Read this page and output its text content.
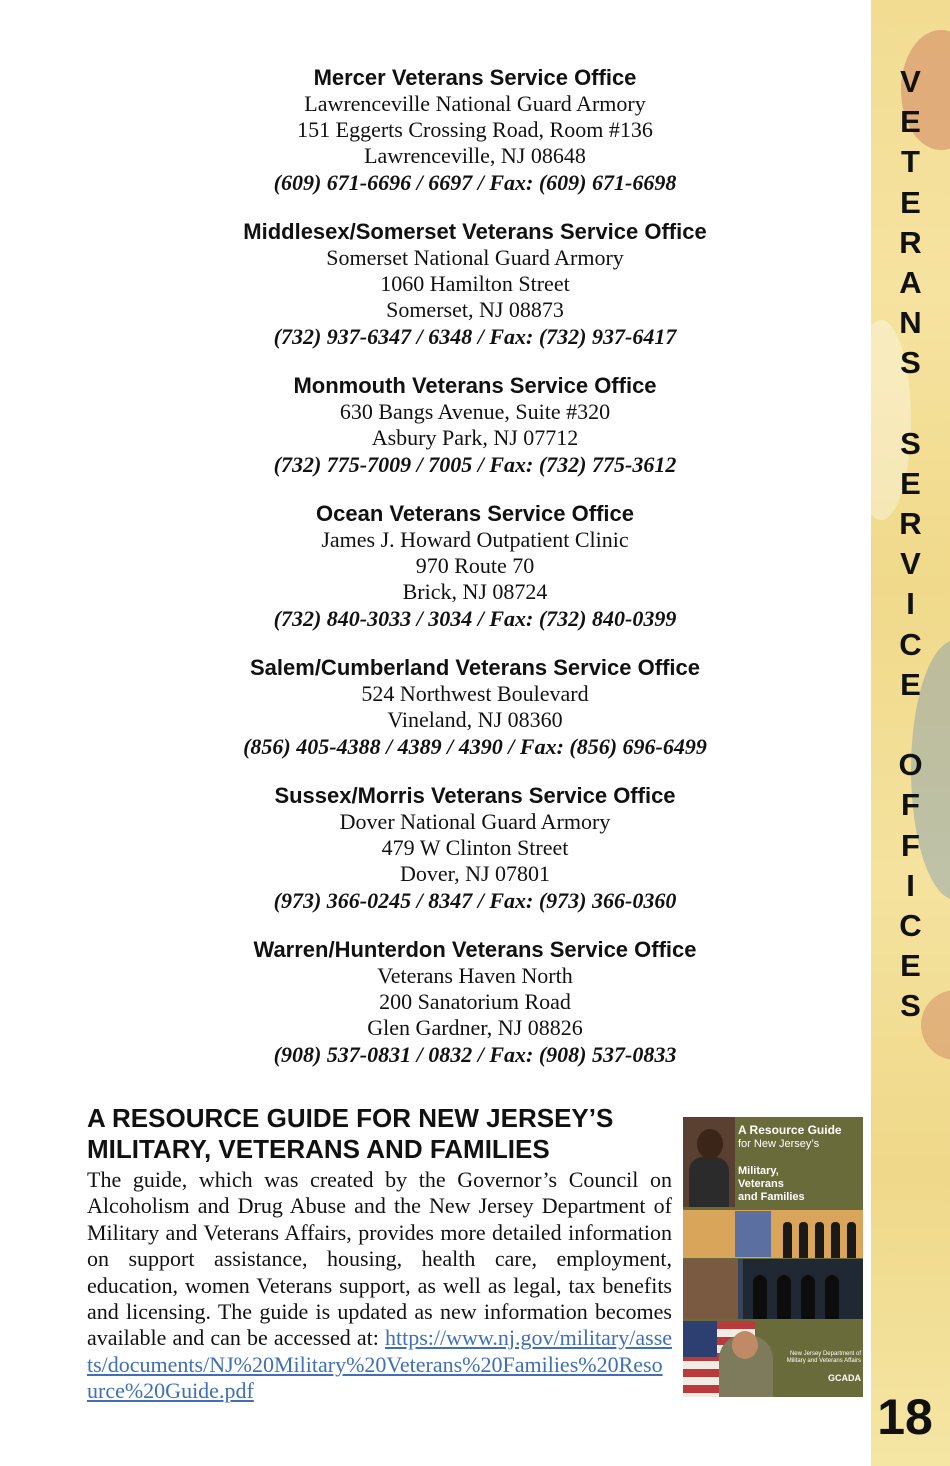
Mercer Veterans Service Office
Lawrenceville National Guard Armory
151 Eggerts Crossing Road, Room #136
Lawrenceville, NJ 08648
(609) 671-6696 / 6697 / Fax: (609) 671-6698
Middlesex/Somerset Veterans Service Office
Somerset National Guard Armory
1060 Hamilton Street
Somerset, NJ 08873
(732) 937-6347 / 6348 / Fax: (732) 937-6417
Monmouth Veterans Service Office
630 Bangs Avenue, Suite #320
Asbury Park, NJ 07712
(732) 775-7009 / 7005 / Fax: (732) 775-3612
Ocean Veterans Service Office
James J. Howard Outpatient Clinic
970 Route 70
Brick, NJ 08724
(732) 840-3033 / 3034 / Fax: (732) 840-0399
Salem/Cumberland Veterans Service Office
524 Northwest Boulevard
Vineland, NJ 08360
(856) 405-4388 / 4389 / 4390 / Fax: (856) 696-6499
Sussex/Morris Veterans Service Office
Dover National Guard Armory
479 W Clinton Street
Dover, NJ 07801
(973) 366-0245 / 8347 / Fax: (973) 366-0360
Warren/Hunterdon Veterans Service Office
Veterans Haven North
200 Sanatorium Road
Glen Gardner, NJ 08826
(908) 537-0831 / 0832 / Fax: (908) 537-0833
A RESOURCE GUIDE FOR NEW JERSEY’S
MILITARY, VETERANS AND FAMILIES

The guide, which was created by the Governor’s Council on Alcoholism and Drug Abuse and the New Jersey Department of Military and Veterans Affairs, provides more detailed information on support assistance, housing, health care, employment, education, women Veterans support, as well as legal, tax benefits and licensing. The guide is updated as new information becomes available and can be accessed at: https://www.nj.gov/military/assets/documents/NJ%20Military%20Veterans%20Families%20Resource%20Guide.pdf

A Resource Guide
for New Jersey’s
Military,
Veterans
and Families
New Jersey Department of Military and Veterans Affairs
GCADA
V
E
T
E
R
A
N
S
S
E
R
V
I
C
E
O
F
F
I
C
E
S
18
